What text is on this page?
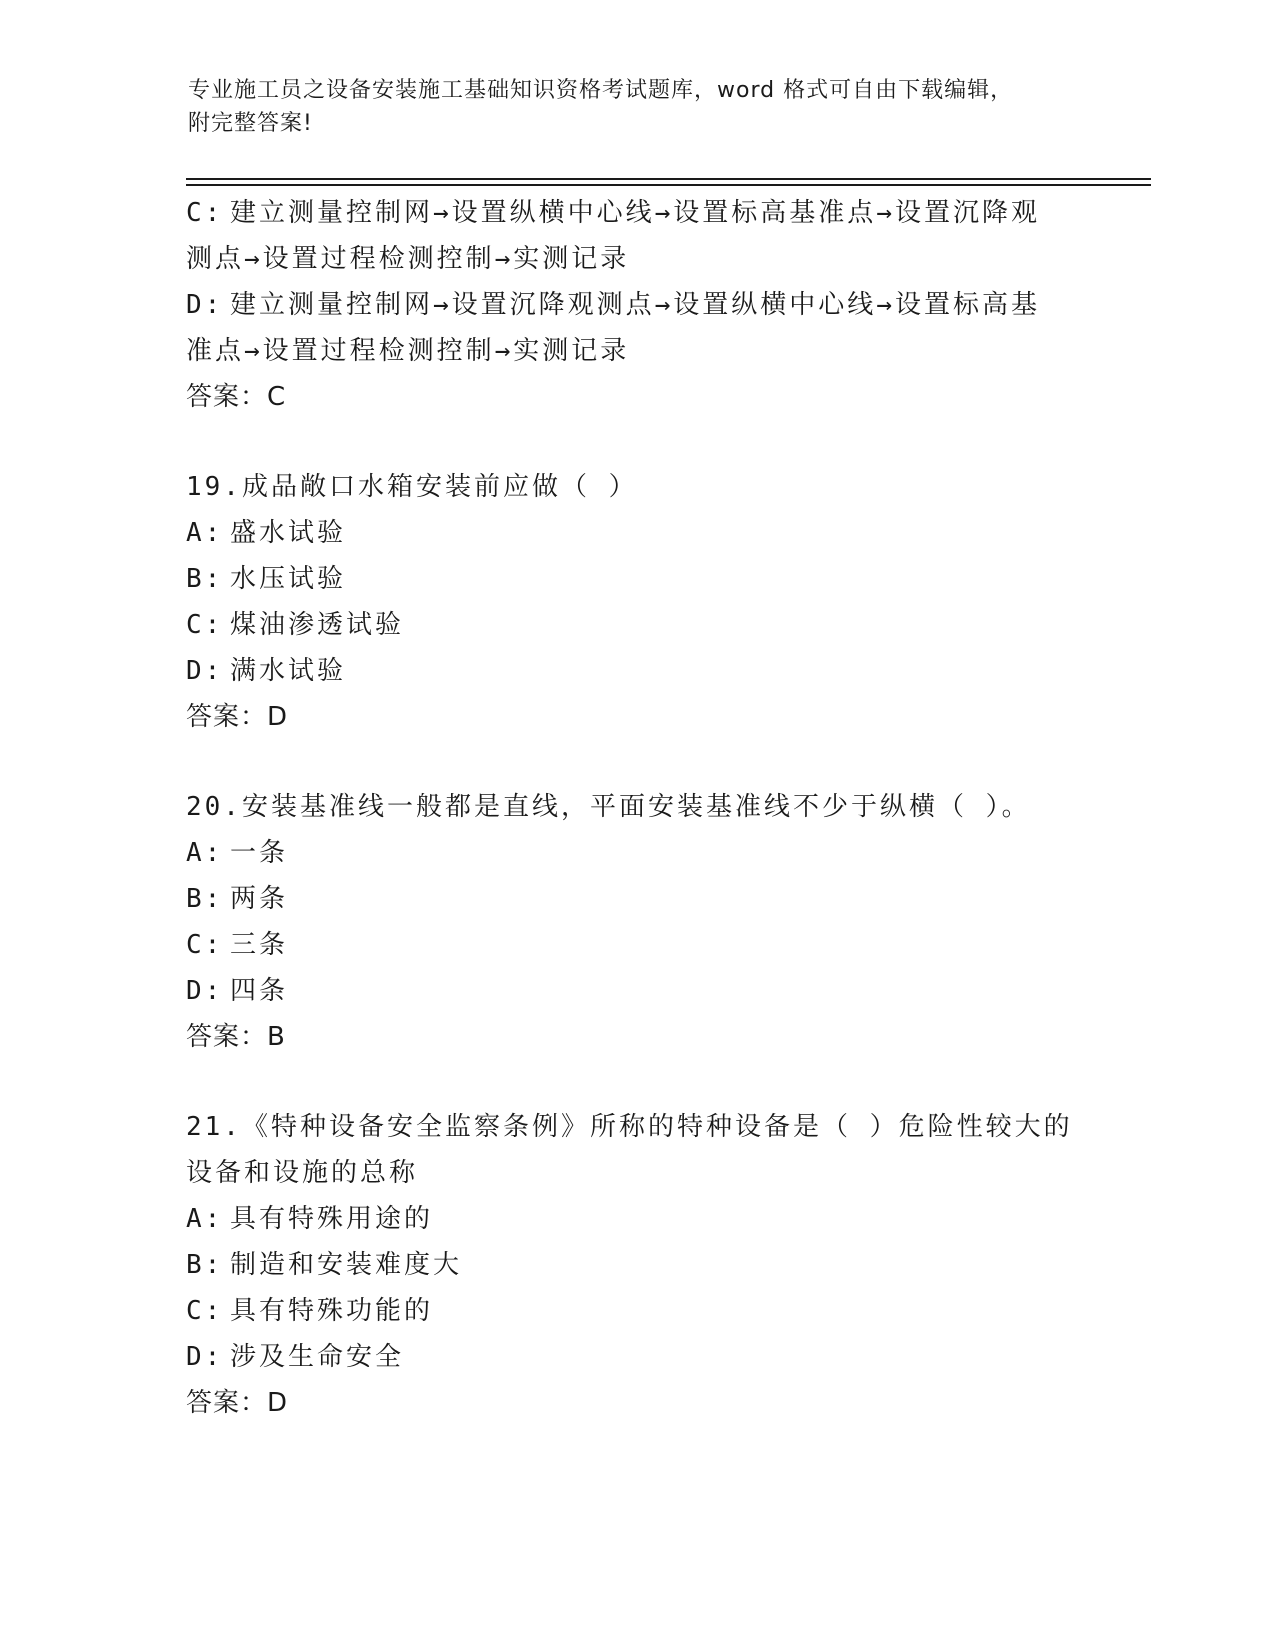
专业施工员之设备安装施工基础知识资格考试题库，word 格式可自由下载编辑，
附完整答案!
C: 建立测量控制网→设置纵横中心线→设置标高基准点→设置沉降观
测点→设置过程检测控制→实测记录
D: 建立测量控制网→设置沉降观测点→设置纵横中心线→设置标高基
准点→设置过程检测控制→实测记录
答案：C
19.成品敞口水箱安装前应做（ ）
A: 盛水试验
B: 水压试验
C: 煤油渗透试验
D: 满水试验
答案：D
20.安装基准线一般都是直线，平面安装基准线不少于纵横（ ）。
A: 一条
B: 两条
C: 三条
D: 四条
答案：B
21.《特种设备安全监察条例》所称的特种设备是（ ）危险性较大的
设备和设施的总称
A: 具有特殊用途的
B: 制造和安装难度大
C: 具有特殊功能的
D: 涉及生命安全
答案：D
